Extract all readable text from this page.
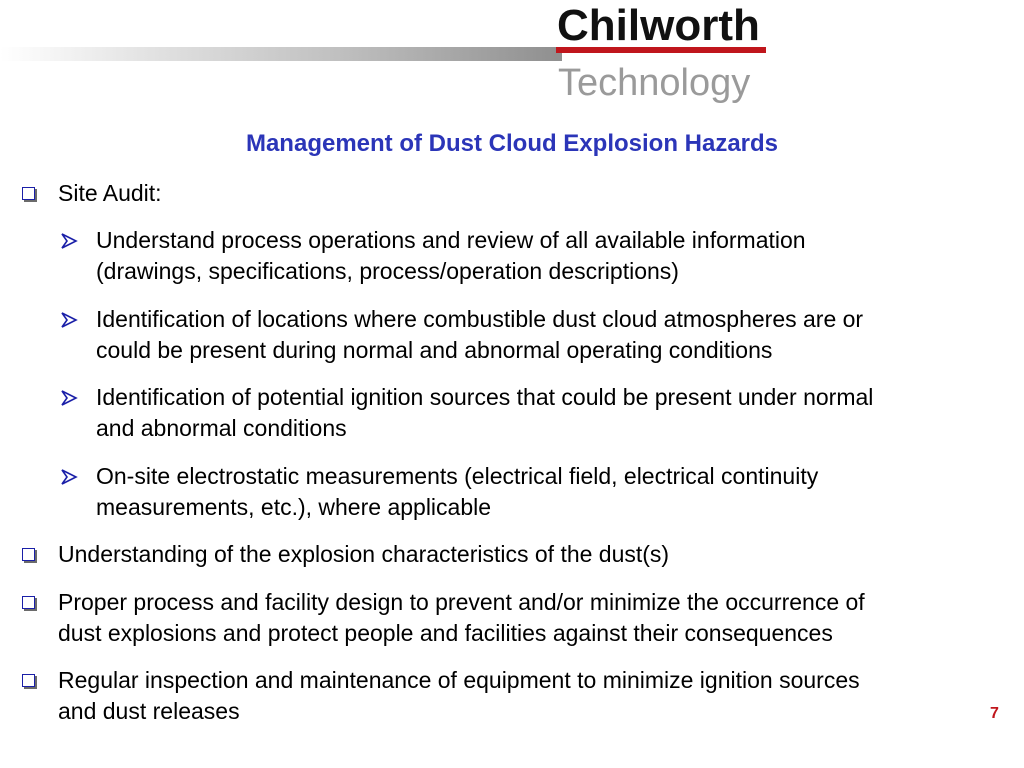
Chilworth
Technology
Management of Dust Cloud Explosion Hazards
Site Audit:
Understand process operations and review of all available information
(drawings, specifications, process/operation descriptions)
Identification of locations where combustible dust cloud atmospheres are or
could be present during normal and abnormal operating conditions
Identification of potential ignition sources that could be present under normal
and abnormal conditions
On-site electrostatic measurements (electrical field, electrical continuity
measurements, etc.), where applicable
Understanding of the explosion characteristics of the dust(s)
Proper process and facility design to prevent and/or minimize the occurrence of
dust explosions and protect people and facilities against their consequences
Regular inspection and maintenance of equipment to minimize ignition sources
and dust releases	7
